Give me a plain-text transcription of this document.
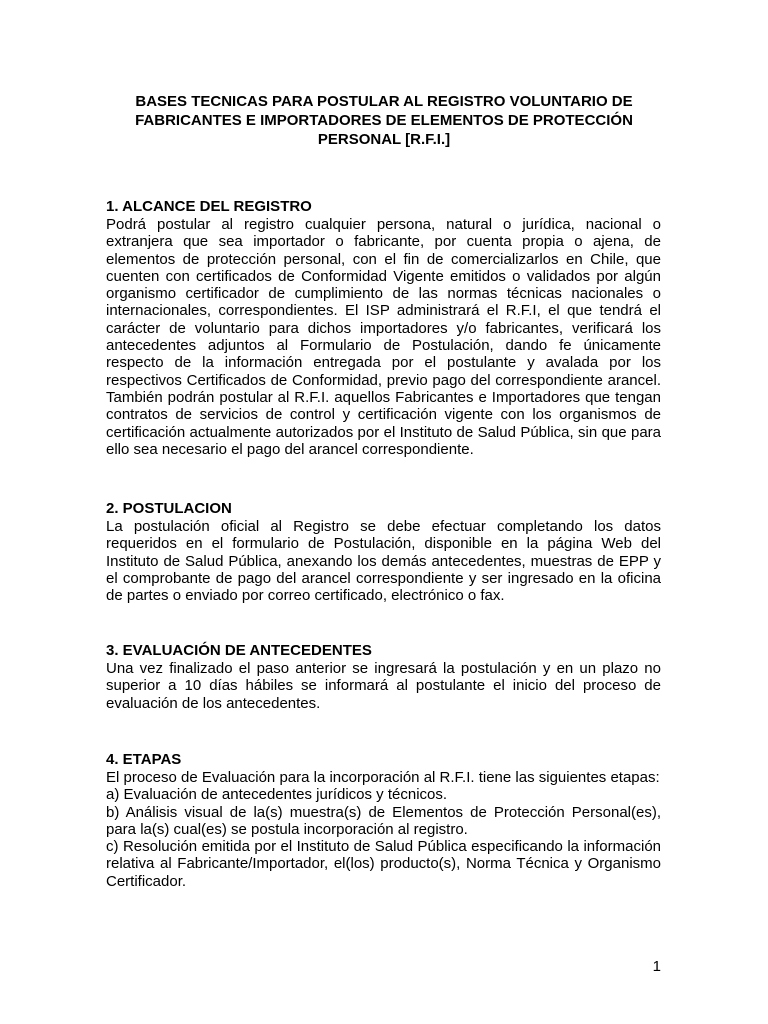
BASES TECNICAS PARA POSTULAR AL REGISTRO VOLUNTARIO DE
FABRICANTES E IMPORTADORES DE ELEMENTOS DE PROTECCIÓN
PERSONAL [R.F.I.]
1. ALCANCE DEL REGISTRO

Podrá postular al registro cualquier persona, natural o jurídica, nacional o extranjera que sea importador o fabricante, por cuenta propia o ajena, de elementos de protección personal, con el fin de comercializarlos en Chile, que cuenten con certificados de Conformidad Vigente emitidos o validados por algún organismo certificador de cumplimiento de las normas técnicas nacionales o internacionales, correspondientes. El ISP administrará el R.F.I, el que tendrá el carácter de voluntario para dichos importadores y/o fabricantes, verificará los antecedentes adjuntos al Formulario de Postulación, dando fe únicamente respecto de la información entregada por el postulante y avalada por los respectivos Certificados de Conformidad, previo pago del correspondiente arancel. También podrán postular al R.F.I. aquellos Fabricantes e Importadores que tengan contratos de servicios de control y certificación vigente con los organismos de certificación actualmente autorizados por el Instituto de Salud Pública, sin que para ello sea necesario el pago del arancel correspondiente.

2. POSTULACION

La postulación oficial al Registro se debe efectuar completando los datos requeridos en el formulario de Postulación, disponible en la página Web del Instituto de Salud Pública, anexando los demás antecedentes, muestras de EPP y el comprobante de pago del arancel correspondiente y ser ingresado en la oficina de partes o enviado por correo certificado, electrónico o fax.

3. EVALUACIÓN DE ANTECEDENTES

Una vez finalizado el paso anterior se ingresará la postulación y en un plazo no superior a 10 días hábiles se informará al postulante el inicio del proceso de evaluación de los antecedentes.

4. ETAPAS

El proceso de Evaluación para la incorporación al R.F.I. tiene las siguientes etapas:

a) Evaluación de antecedentes jurídicos y técnicos.

b) Análisis visual de la(s) muestra(s) de Elementos de Protección Personal(es), para la(s) cual(es) se postula incorporación al registro.

c) Resolución emitida por el Instituto de Salud Pública especificando la información relativa al Fabricante/Importador, el(los) producto(s), Norma Técnica y Organismo Certificador.

1
